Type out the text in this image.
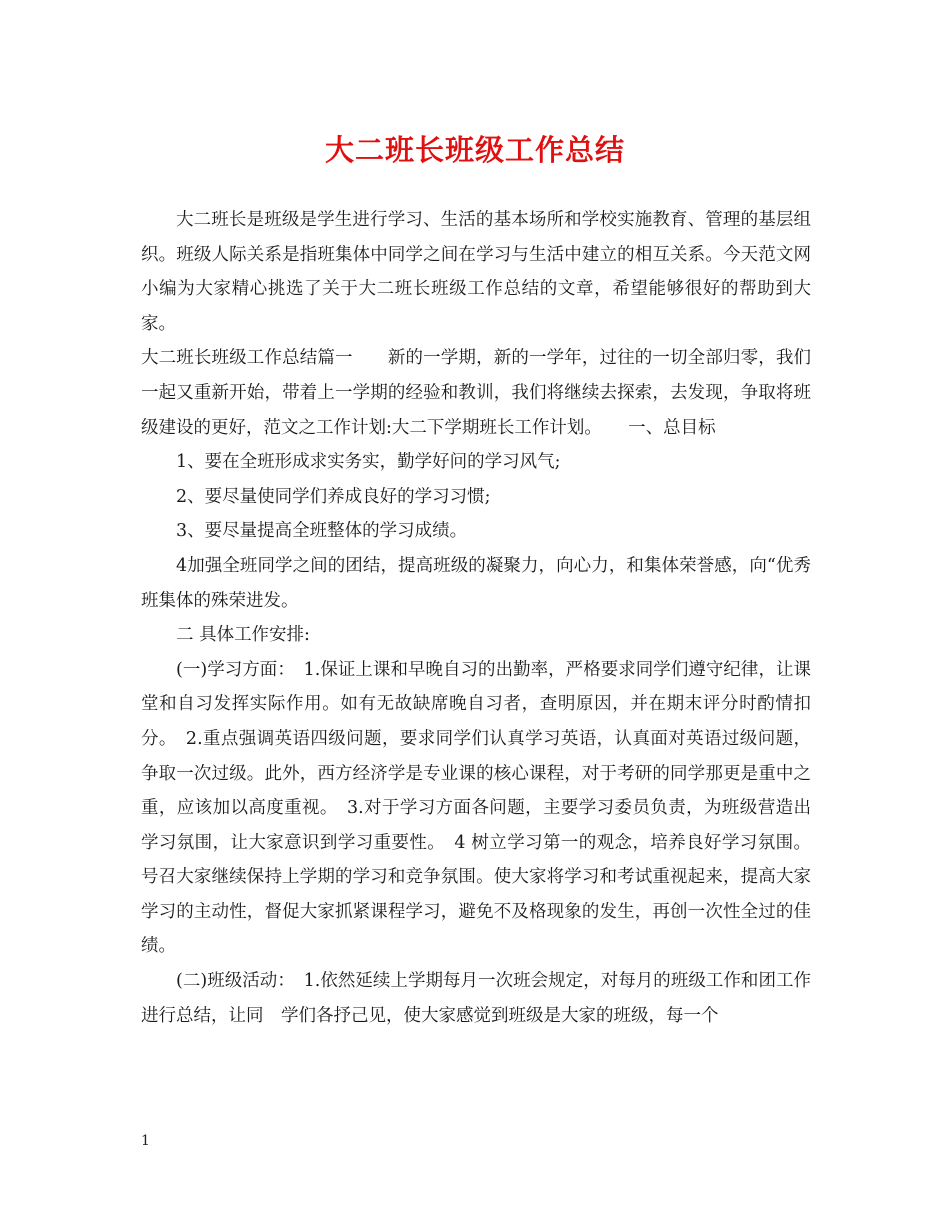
大二班长班级工作总结

大二班长是班级是学生进行学习、生活的基本场所和学校实施教育、管理的基层组织。班级人际关系是指班集体中同学之间在学习与生活中建立的相互关系。今天范文网小编为大家精心挑选了关于大二班长班级工作总结的文章，希望能够很好的帮助到大家。

大二班长班级工作总结篇一　　新的一学期，新的一学年，过往的一切全部归零，我们一起又重新开始，带着上一学期的经验和教训，我们将继续去探索，去发现，争取将班级建设的更好，范文之工作计划:大二下学期班长工作计划。　　一、总目标

1、要在全班形成求实务实，勤学好问的学习风气;

2、要尽量使同学们养成良好的学习习惯;

3、要尽量提高全班整体的学习成绩。

4加强全班同学之间的团结，提高班级的凝聚力，向心力，和集体荣誉感，向“优秀班集体的殊荣进发。

二 具体工作安排:

(一)学习方面：　1.保证上课和早晚自习的出勤率，严格要求同学们遵守纪律，让课堂和自习发挥实际作用。如有无故缺席晚自习者，查明原因，并在期末评分时酌情扣分。　2.重点强调英语四级问题，要求同学们认真学习英语，认真面对英语过级问题，争取一次过级。此外，西方经济学是专业课的核心课程，对于考研的同学那更是重中之重，应该加以高度重视。　3.对于学习方面各问题，主要学习委员负责，为班级营造出学习氛围，让大家意识到学习重要性。　4 树立学习第一的观念，培养良好学习氛围。号召大家继续保持上学期的学习和竞争氛围。使大家将学习和考试重视起来，提高大家学习的主动性，督促大家抓紧课程学习，避免不及格现象的发生，再创一次性全过的佳绩。

(二)班级活动：　1.依然延续上学期每月一次班会规定，对每月的班级工作和团工作进行总结，让同　学们各抒己见，使大家感觉到班级是大家的班级，每一个

1
